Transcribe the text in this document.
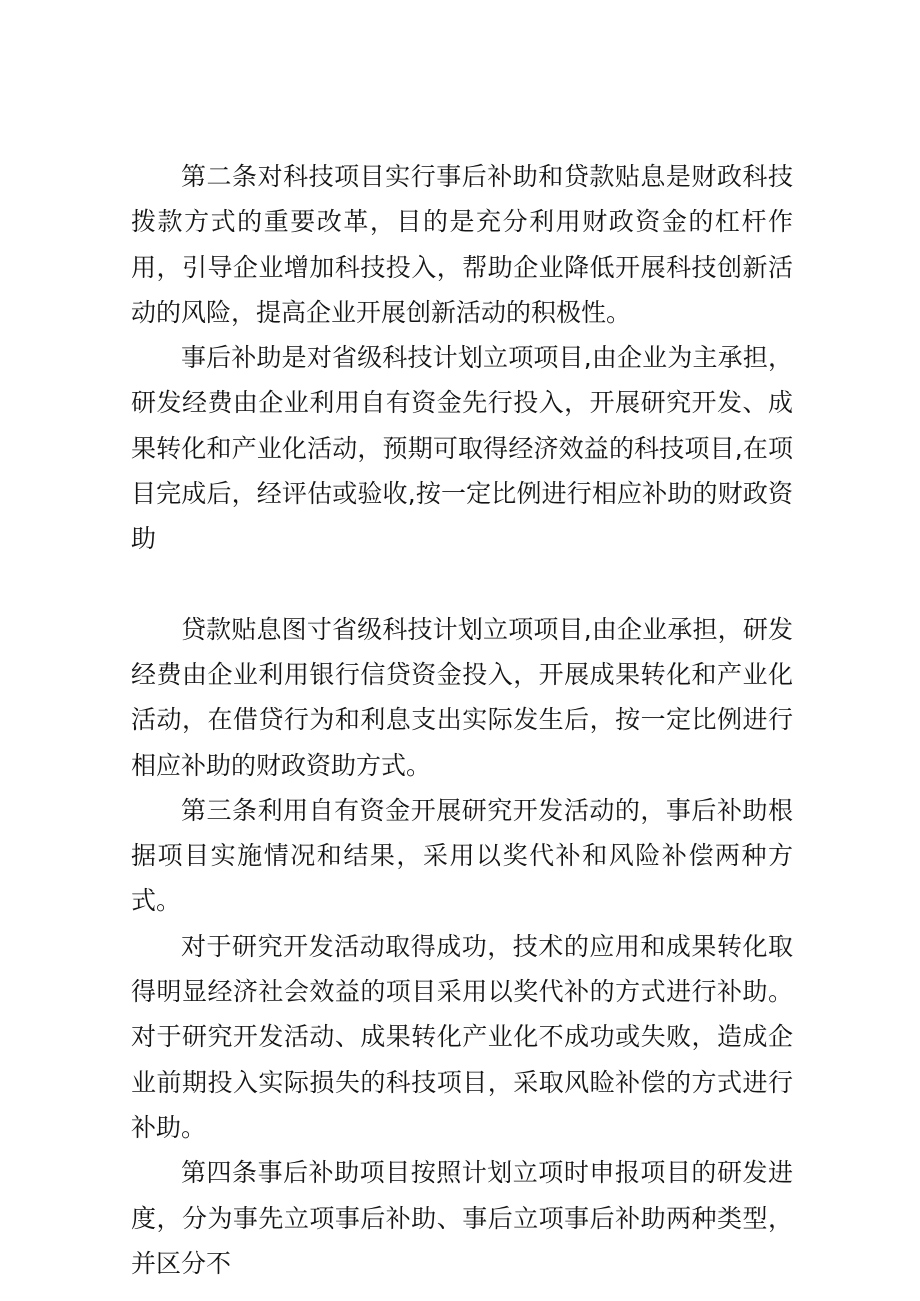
第二条对科技项目实行事后补助和贷款贴息是财政科技拨款方式的重要改革，目的是充分利用财政资金的杠杆作用，引导企业增加科技投入，帮助企业降低开展科技创新活动的风险，提高企业开展创新活动的积极性。

事后补助是对省级科技计划立项项目,由企业为主承担，研发经费由企业利用自有资金先行投入，开展研究开发、成果转化和产业化活动，预期可取得经济效益的科技项目,在项目完成后，经评估或验收,按一定比例进行相应补助的财政资助

贷款贴息图寸省级科技计划立项项目,由企业承担，研发经费由企业利用银行信贷资金投入，开展成果转化和产业化活动，在借贷行为和利息支出实际发生后，按一定比例进行相应补助的财政资助方式。

第三条利用自有资金开展研究开发活动的，事后补助根据项目实施情况和结果，采用以奖代补和风险补偿两种方式。

对于研究开发活动取得成功，技术的应用和成果转化取得明显经济社会效益的项目采用以奖代补的方式进行补助。对于研究开发活动、成果转化产业化不成功或失败，造成企业前期投入实际损失的科技项目，采取风睑补偿的方式进行补助。

第四条事后补助项目按照计划立项时申报项目的研发进度，分为事先立项事后补助、事后立项事后补助两种类型，并区分不
